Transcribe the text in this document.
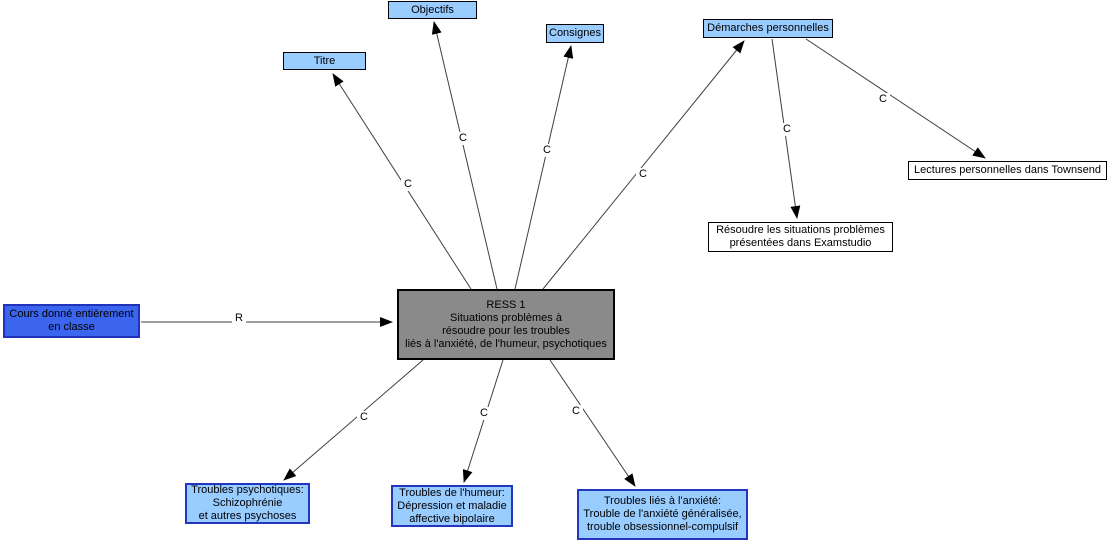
R
C
C
C
C
C
C
C	C	C
Titre
Objectifs
Consignes	Démarches personnelles
Lectures personnelles dans Townsend
Résoudre les situations problèmes
présentées dans Examstudio
Cours donné entièrement
en classe
RESS 1
Situations problèmes à
résoudre pour les troubles
liés à l'anxiété, de l'humeur, psychotiques
Troubles psychotiques:
Schizophrénie
et autres psychoses
Troubles de l'humeur:
Dépression et maladie
affective bipolaire
Troubles liés à l'anxiété:
Trouble de l'anxiété généralisée,
trouble obsessionnel-compulsif
